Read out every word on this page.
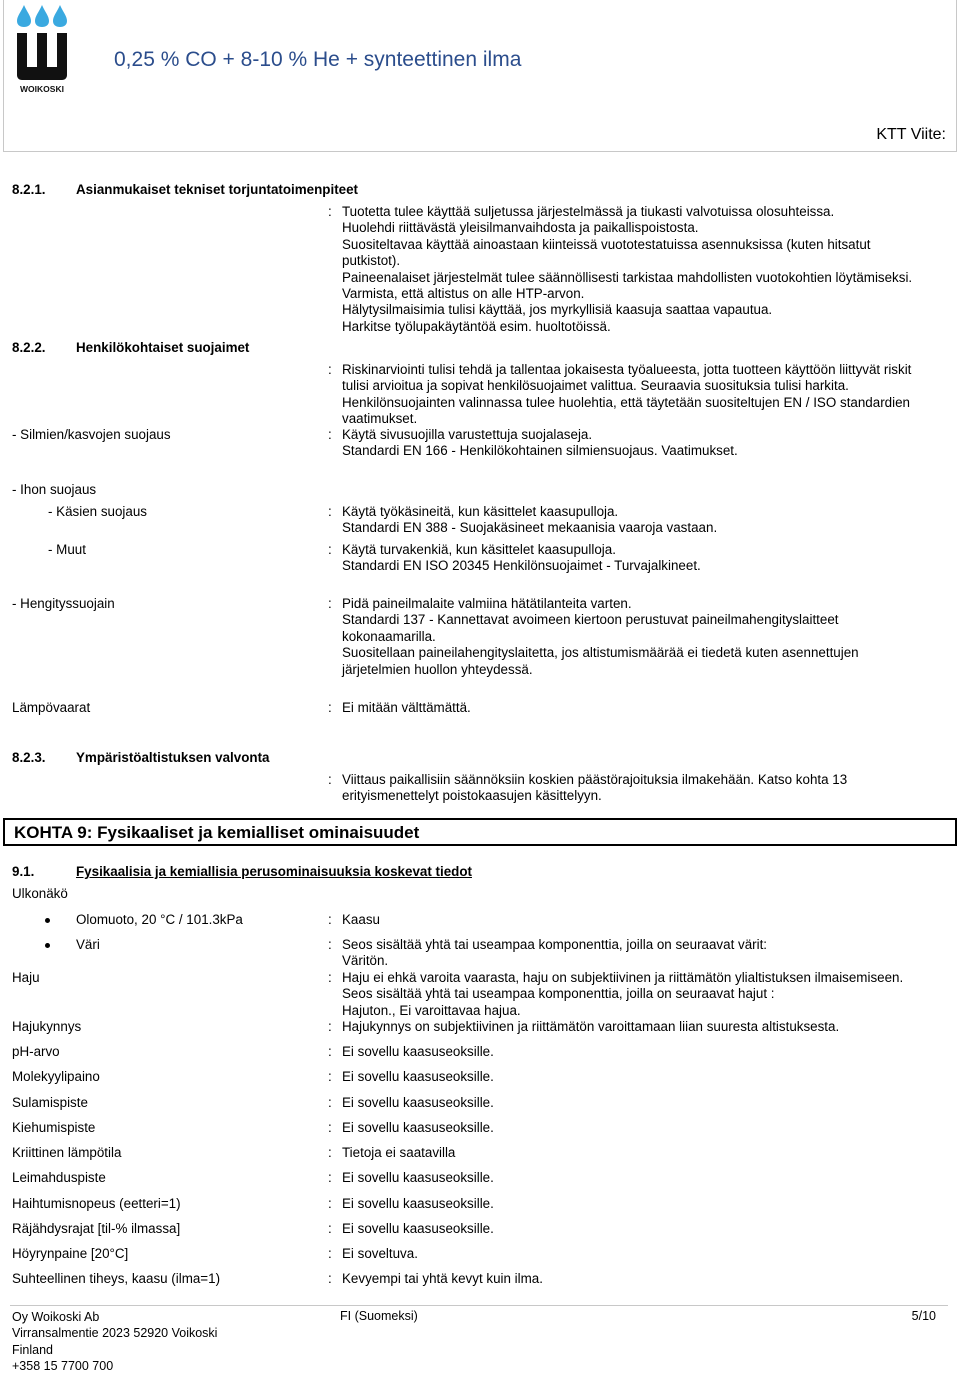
WOIKOSKI
0,25 % CO + 8-10 % He + synteettinen ilma
KTT Viite:
8.2.1. Asianmukaiset tekniset torjuntatoimenpiteet
: Tuotetta tulee käyttää suljetussa järjestelmässä ja tiukasti valvotuissa olosuhteissa.
Huolehdi riittävästä yleisilmanvaihdosta ja paikallispoistosta.
Suositeltavaa käyttää ainoastaan kiinteissä vuototestatuissa asennuksissa (kuten hitsatut
putkistot).
Paineenalaiset järjestelmät tulee säännöllisesti tarkistaa mahdollisten vuotokohtien löytämiseksi.
Varmista, että altistus on alle HTP-arvon.
Hälytysilmaisimia tulisi käyttää, jos myrkyllisiä kaasuja saattaa vapautua.
Harkitse työlupakäytäntöä esim. huoltotöissä.
8.2.2. Henkilökohtaiset suojaimet
: Riskinarviointi tulisi tehdä ja tallentaa jokaisesta työalueesta, jotta tuotteen käyttöön liittyvät riskit
tulisi arvioitua ja sopivat henkilösuojaimet valittua. Seuraavia suosituksia tulisi harkita.
Henkilönsuojainten valinnassa tulee huolehtia, että täytetään suositeltujen EN / ISO standardien
vaatimukset.
- Silmien/kasvojen suojaus	: Käytä sivusuojilla varustettuja suojalaseja.
Standardi EN 166 - Henkilökohtainen silmiensuojaus. Vaatimukset.
- Ihon suojaus
- Käsien suojaus	: Käytä työkäsineitä, kun käsittelet kaasupulloja.
Standardi EN 388 - Suojakäsineet mekaanisia vaaroja vastaan.
- Muut	: Käytä turvakenkiä, kun käsittelet kaasupulloja.
Standardi EN ISO 20345 Henkilönsuojaimet - Turvajalkineet.
- Hengityssuojain	: Pidä paineilmalaite valmiina hätätilanteita varten.
Standardi 137 - Kannettavat avoimeen kiertoon perustuvat paineilmahengityslaitteet
kokonaamarilla.
Suositellaan paineilahengityslaitetta, jos altistumismäärää ei tiedetä kuten asennettujen
järjetelmien huollon yhteydessä.
Lämpövaarat	: Ei mitään välttämättä.
8.2.3. Ympäristöaltistuksen valvonta
: Viittaus paikallisiin säännöksiin koskien päästörajoituksia ilmakehään. Katso kohta 13
erityismenettelyt poistokaasujen käsittelyyn.
KOHTA 9: Fysikaaliset ja kemialliset ominaisuudet
9.1.	Fysikaalisia ja kemiallisia perusominaisuuksia koskevat tiedot
Ulkonäkö
Olomuoto, 20 °C / 101.3kPa	: Kaasu
Väri	: Seos sisältää yhtä tai useampaa komponenttia, joilla on seuraavat värit:
Väritön.
Haju	: Haju ei ehkä varoita vaarasta, haju on subjektiivinen ja riittämätön ylialtistuksen ilmaisemiseen.
Seos sisältää yhtä tai useampaa komponenttia, joilla on seuraavat hajut :
Hajuton., Ei varoittavaa hajua.
Hajukynnys	: Hajukynnys on subjektiivinen ja riittämätön varoittamaan liian suuresta altistuksesta.
pH-arvo	: Ei sovellu kaasuseoksille.
Molekyylipaino	: Ei sovellu kaasuseoksille.
Sulamispiste	: Ei sovellu kaasuseoksille.
Kiehumispiste	: Ei sovellu kaasuseoksille.
Kriittinen lämpötila	: Tietoja ei saatavilla
Leimahduspiste	: Ei sovellu kaasuseoksille.
Haihtumisnopeus (eetteri=1)	: Ei sovellu kaasuseoksille.
Räjähdysrajat [til-% ilmassa]	: Ei sovellu kaasuseoksille.
Höyrynpaine [20°C]	: Ei soveltuva.
Suhteellinen tiheys, kaasu (ilma=1)	: Kevyempi tai yhtä kevyt kuin ilma.
Oy Woikoski Ab
Virransalmentie 2023 52920 Voikoski
Finland
+358 15 7700 700
FI (Suomeksi)	5/10
